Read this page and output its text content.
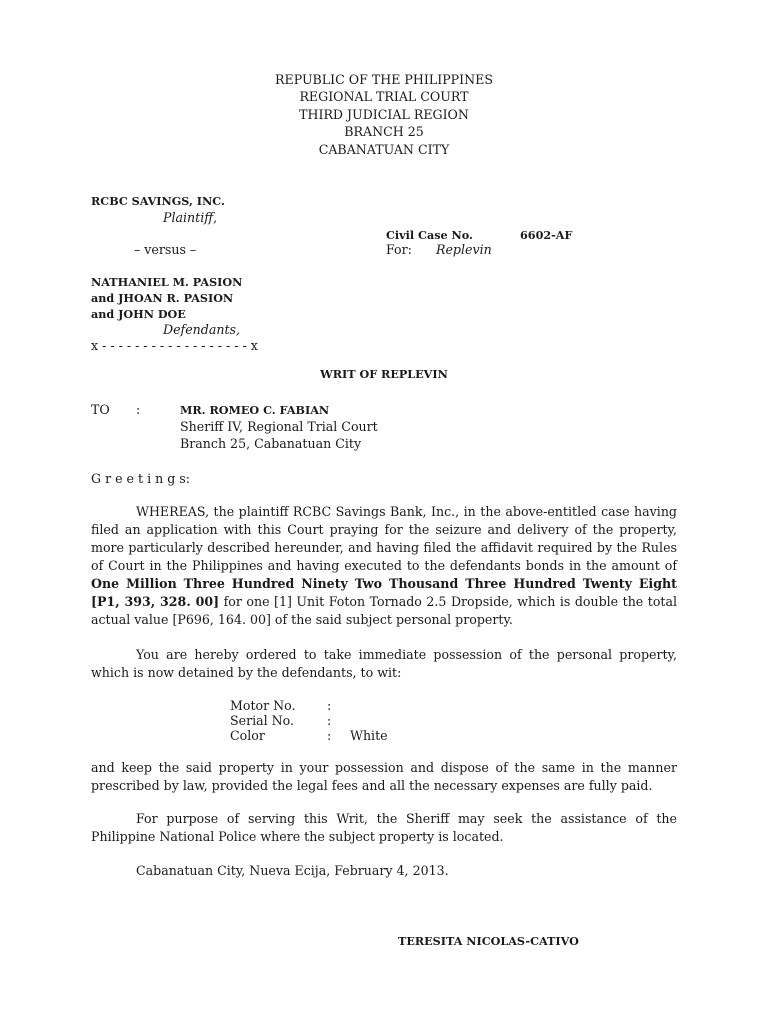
REPUBLIC OF THE PHILIPPINES
REGIONAL TRIAL COURT
THIRD JUDICIAL REGION
BRANCH 25
CABANATUAN CITY
RCBC SAVINGS, INC.
Plaintiff,
Civil Case No.	6602-AF
For: Replevin
– versus –
NATHANIEL M. PASION
and JHOAN R. PASION
and JOHN DOE
Defendants,
x - - - - - - - - - - - - - - - - - - x
WRIT OF REPLEVIN
TO :	MR. ROMEO C. FABIAN
Sheriff IV, Regional Trial Court
Branch 25, Cabanatuan City
G r e e t i n g s:
WHEREAS, the plaintiff RCBC Savings Bank, Inc., in the above-entitled case having filed an application with this Court praying for the seizure and delivery of the property, more particularly described hereunder, and having filed the affidavit required by the Rules of Court in the Philippines and having executed to the defendants bonds in the amount of One Million Three Hundred Ninety Two Thousand Three Hundred Twenty Eight [P1, 393, 328. 00] for one [1] Unit Foton Tornado 2.5 Dropside, which is double the total actual value [P696, 164. 00] of the said subject personal property.
You are hereby ordered to take immediate possession of the personal property, which is now detained by the defendants, to wit:
Motor No. :
Serial No.	:
Color	: White
and keep the said property in your possession and dispose of the same in the manner prescribed by law, provided the legal fees and all the necessary expenses are fully paid.
For purpose of serving this Writ, the Sheriff may seek the assistance of the Philippine National Police where the subject property is located.
Cabanatuan City, Nueva Ecija, February 4, 2013.
TERESITA NICOLAS-CATIVO
